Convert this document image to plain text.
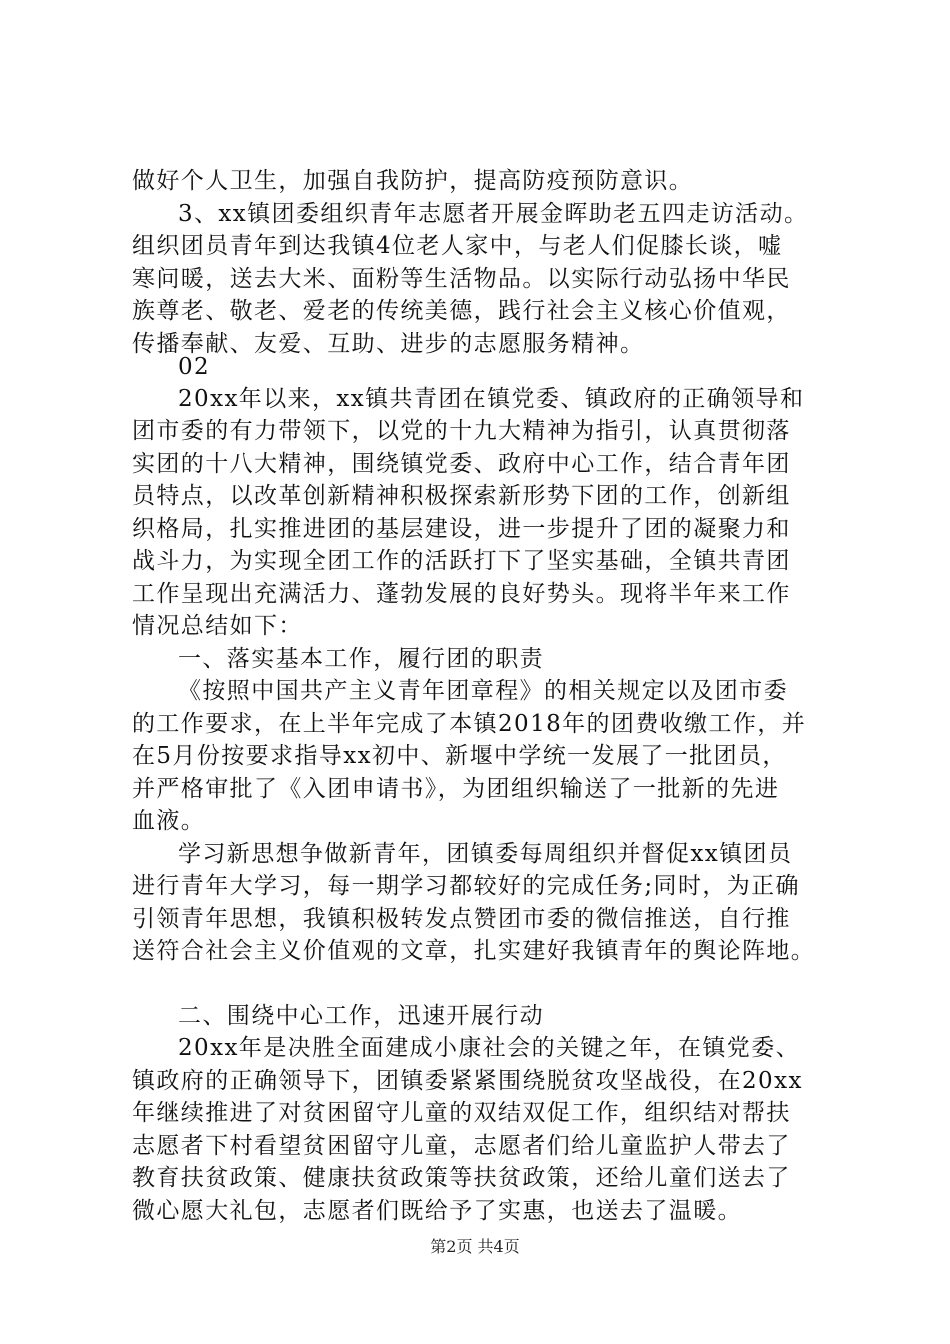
做好个人卫生，加强自我防护，提高防疫预防意识。
3、xx镇团委组织青年志愿者开展金晖助老五四走访活动。
组织团员青年到达我镇4位老人家中，与老人们促膝长谈，嘘
寒问暖，送去大米、面粉等生活物品。以实际行动弘扬中华民
族尊老、敬老、爱老的传统美德，践行社会主义核心价值观，
传播奉献、友爱、互助、进步的志愿服务精神。
02
20xx年以来，xx镇共青团在镇党委、镇政府的正确领导和
团市委的有力带领下，以党的十九大精神为指引，认真贯彻落
实团的十八大精神，围绕镇党委、政府中心工作，结合青年团
员特点，以改革创新精神积极探索新形势下团的工作，创新组
织格局，扎实推进团的基层建设，进一步提升了团的凝聚力和
战斗力，为实现全团工作的活跃打下了坚实基础，全镇共青团
工作呈现出充满活力、蓬勃发展的良好势头。现将半年来工作
情况总结如下：
一、落实基本工作，履行团的职责
《按照中国共产主义青年团章程》的相关规定以及团市委
的工作要求，在上半年完成了本镇2018年的团费收缴工作，并
在5月份按要求指导xx初中、新堰中学统一发展了一批团员，
并严格审批了《入团申请书》，为团组织输送了一批新的先进
血液。
学习新思想争做新青年，团镇委每周组织并督促xx镇团员
进行青年大学习，每一期学习都较好的完成任务;同时，为正确
引领青年思想，我镇积极转发点赞团市委的微信推送，自行推
送符合社会主义价值观的文章，扎实建好我镇青年的舆论阵地。
二、围绕中心工作，迅速开展行动
20xx年是决胜全面建成小康社会的关键之年，在镇党委、
镇政府的正确领导下，团镇委紧紧围绕脱贫攻坚战役，在20xx
年继续推进了对贫困留守儿童的双结双促工作，组织结对帮扶
志愿者下村看望贫困留守儿童，志愿者们给儿童监护人带去了
教育扶贫政策、健康扶贫政策等扶贫政策，还给儿童们送去了
微心愿大礼包，志愿者们既给予了实惠，也送去了温暖。
第2页 共4页
